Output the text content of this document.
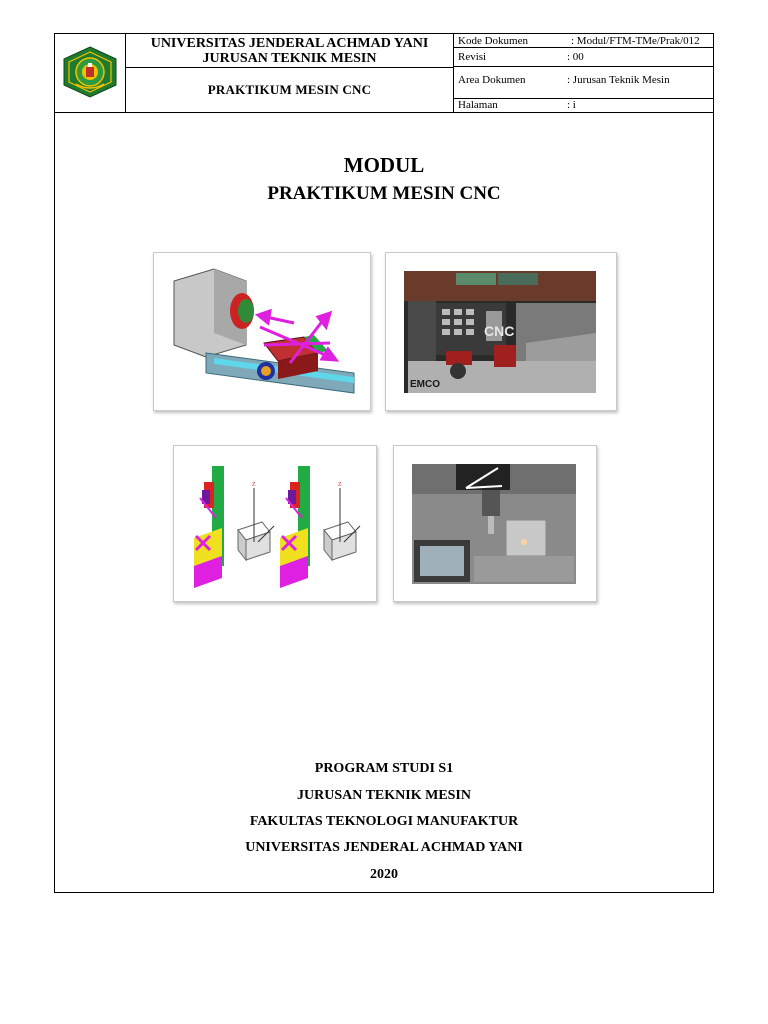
UNIVERSITAS JENDERAL ACHMAD YANI
JURUSAN TEKNIK MESIN
PRAKTIKUM MESIN CNC
Kode Dokumen	: Modul/FTM-TMe/Prak/012
Revisi	: 00
Area Dokumen	: Jurusan Teknik Mesin
Halaman	: i
MODUL
PRAKTIKUM MESIN CNC
CNC
EMCO
Z	Z
PROGRAM STUDI S1
JURUSAN TEKNIK MESIN
FAKULTAS TEKNOLOGI MANUFAKTUR
UNIVERSITAS JENDERAL ACHMAD YANI
2020
